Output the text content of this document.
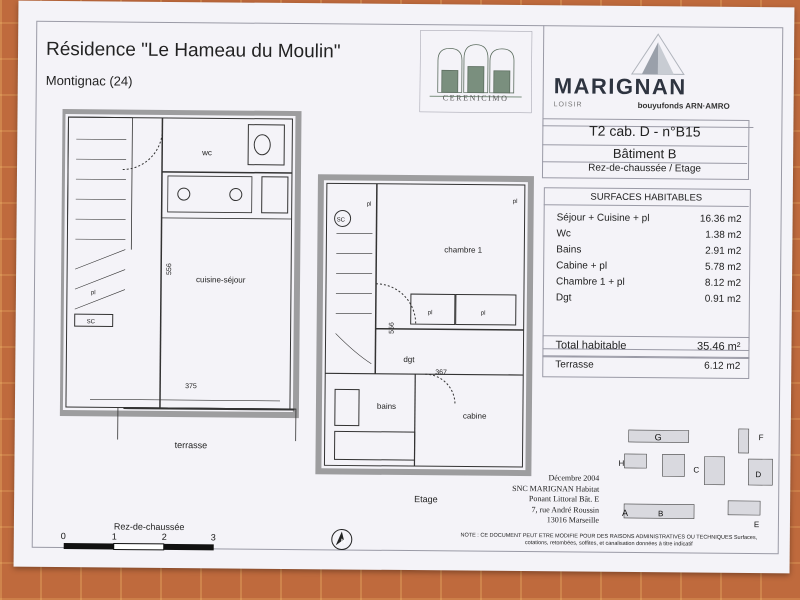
Résidence "Le Hameau du Moulin"
Montignac (24)
CERENICIMO	MARIGNAN
LOISIR	bouyufonds ARN·AMRO
T2 cab. D - n°B15
Bâtiment B
Rez-de-chaussée / Etage
SURFACES HABITABLES
Séjour + Cuisine + pl	16.36 m2
Wc	1.38 m2
Bains	2.91 m2
Cabine + pl	5.78 m2
Chambre 1 + pl	8.12 m2
Dgt	0.91 m2
Total habitable	35.46 m²
Terrasse	6.12 m2
wc
cuisine-séjour
pl
SC
556
375
terrasse
Rez-de-chaussée
chambre 1
dgt
bains
cabine
pl	pl
pl	pl
SC
556
367
Etage
G	F
H
C
D
A	B
E
Décembre 2004
SNC MARIGNAN Habitat
Ponant Littoral Bât. E
7, rue André Roussin
13016 Marseille
NOTE : CE DOCUMENT PEUT ETRE MODIFIE POUR DES RAISONS ADMINISTRATIVES OU TECHNIQUES Surfaces, cotations, retombées, soffites, et canalisation données à titre indicatif
0	1	2	3	N
